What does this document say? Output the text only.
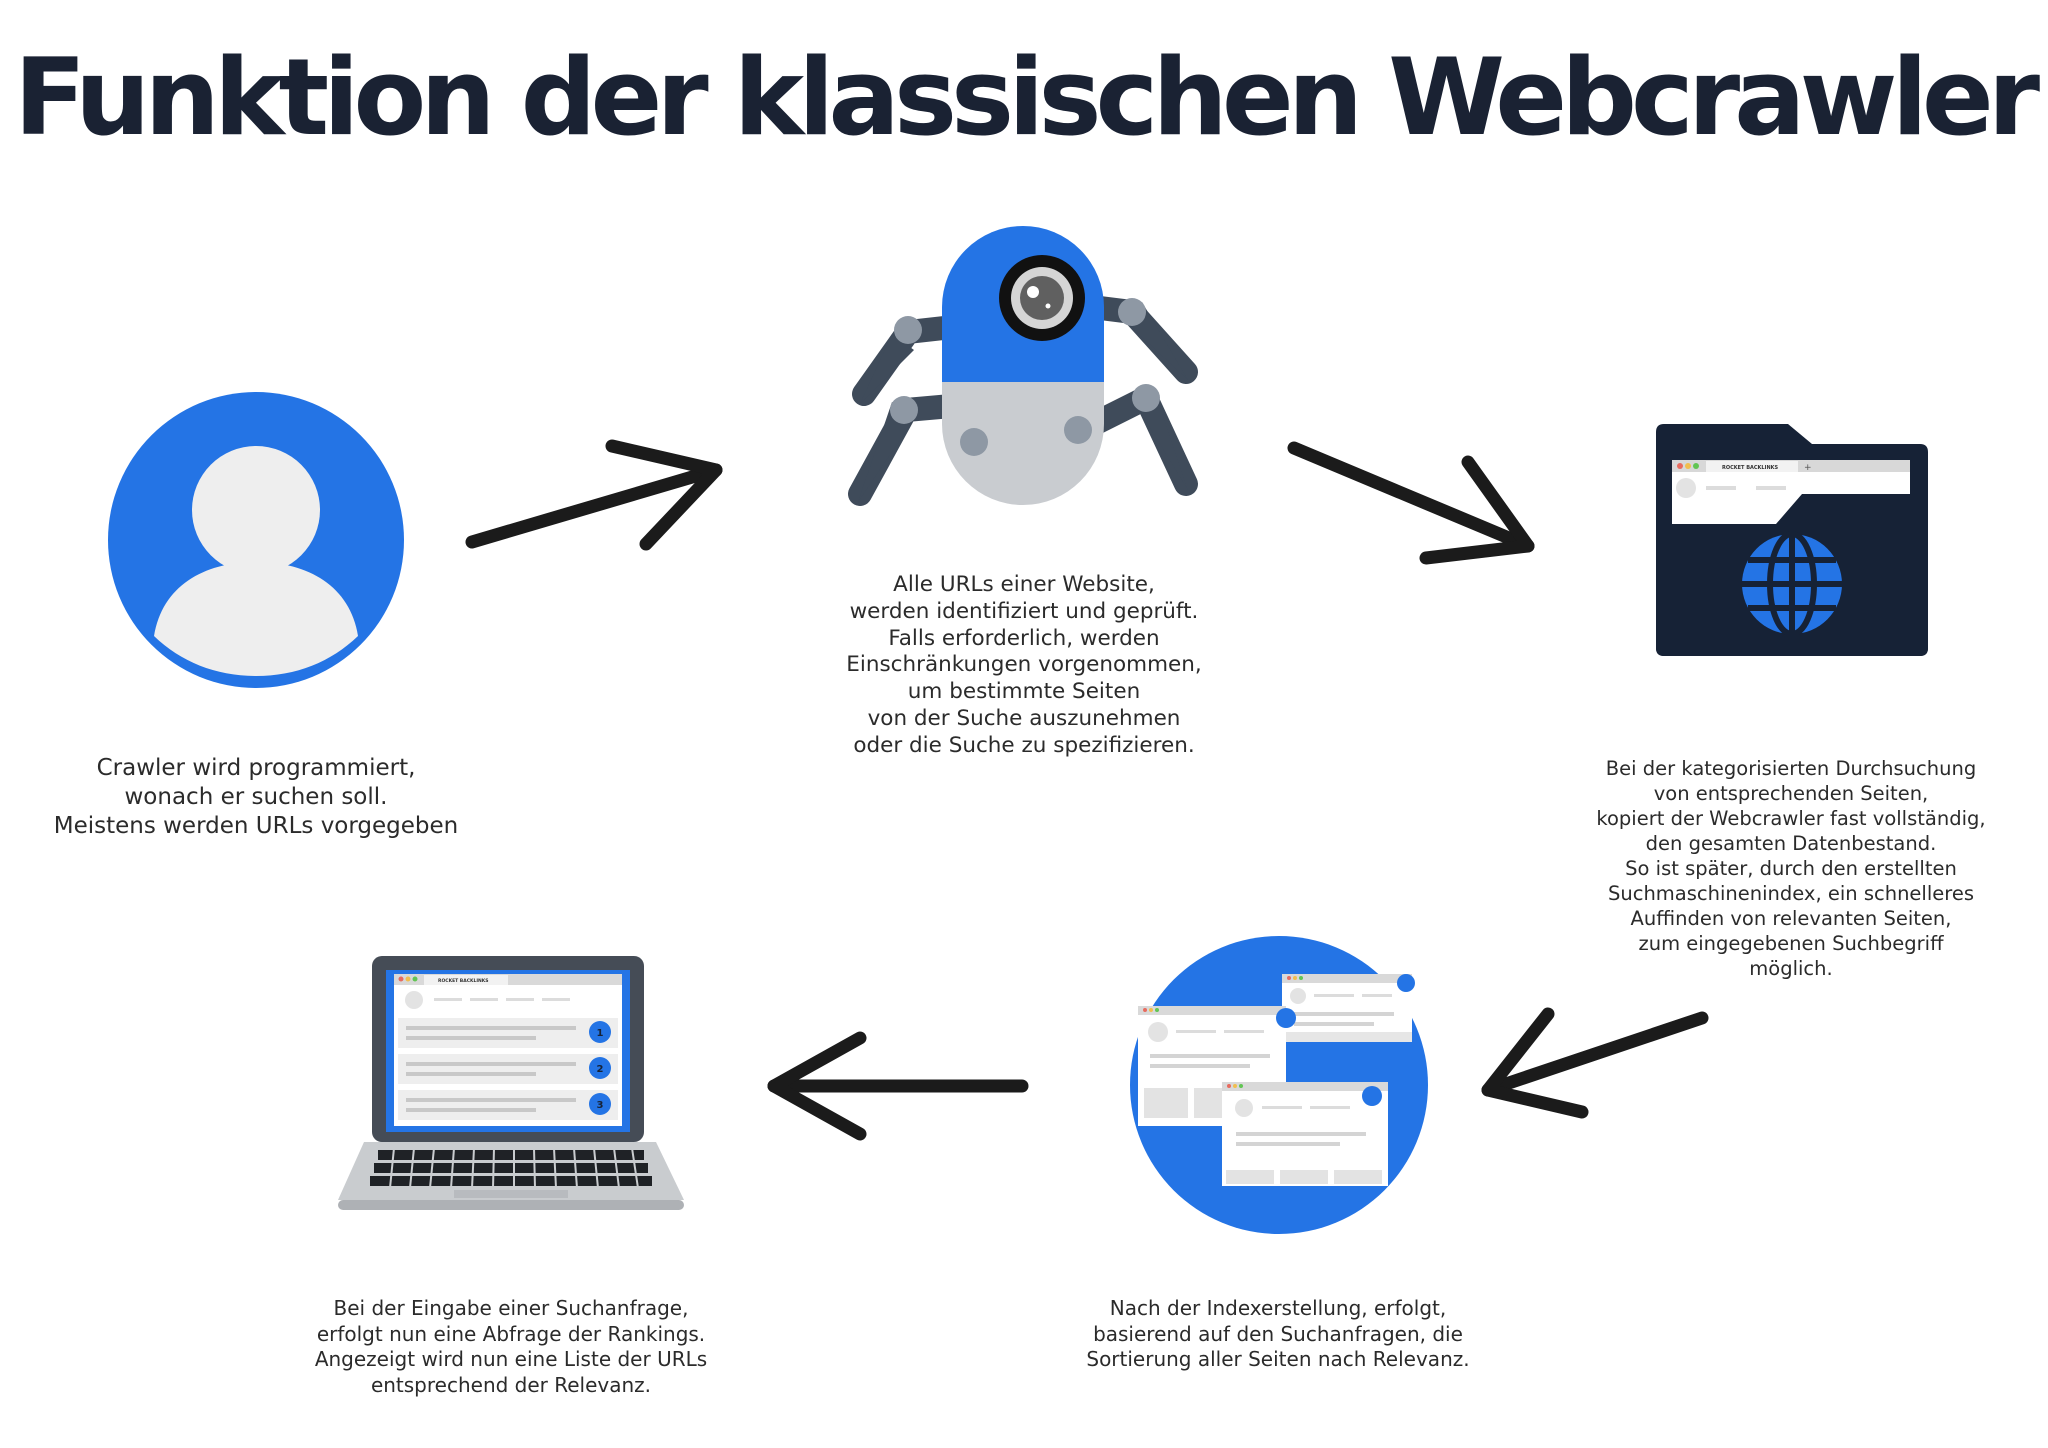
Funktion der klassischen Webcrawler

Crawler wird programmiert,
wonach er suchen soll.
Meistens werden URLs vorgegeben

Alle URLs einer Website,
werden identifiziert und geprüft.
Falls erforderlich, werden
Einschränkungen vorgenommen,
um bestimmte Seiten
von der Suche auszunehmen
oder die Suche zu spezifizieren.

ROCKET BACKLINKS	+

Bei der kategorisierten Durchsuchung
von entsprechenden Seiten,
kopiert der Webcrawler fast vollständig,
den gesamten Datenbestand.
So ist später, durch den erstellten
Suchmaschinenindex, ein schnelleres
Auffinden von relevanten Seiten,
zum eingegebenen Suchbegriff
möglich.

Nach der Indexerstellung, erfolgt,
basierend auf den Suchanfragen, die
Sortierung aller Seiten nach Relevanz.

ROCKET BACKLINKS
1
2
3

Bei der Eingabe einer Suchanfrage,
erfolgt nun eine Abfrage der Rankings.
Angezeigt wird nun eine Liste der URLs
entsprechend der Relevanz.
